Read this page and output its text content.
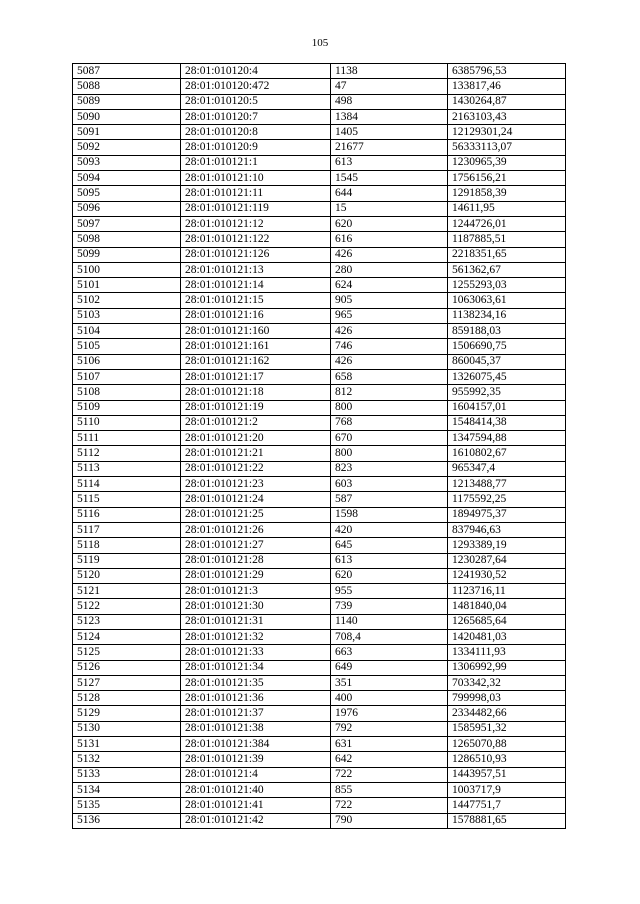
105
5087	28:01:010120:4	1138	6385796,53
5088	28:01:010120:472	47	133817,46
5089	28:01:010120:5	498	1430264,87
5090	28:01:010120:7	1384	2163103,43
5091	28:01:010120:8	1405	12129301,24
5092	28:01:010120:9	21677	56333113,07
5093	28:01:010121:1	613	1230965,39
5094	28:01:010121:10	1545	1756156,21
5095	28:01:010121:11	644	1291858,39
5096	28:01:010121:119	15	14611,95
5097	28:01:010121:12	620	1244726,01
5098	28:01:010121:122	616	1187885,51
5099	28:01:010121:126	426	2218351,65
5100	28:01:010121:13	280	561362,67
5101	28:01:010121:14	624	1255293,03
5102	28:01:010121:15	905	1063063,61
5103	28:01:010121:16	965	1138234,16
5104	28:01:010121:160	426	859188,03
5105	28:01:010121:161	746	1506690,75
5106	28:01:010121:162	426	860045,37
5107	28:01:010121:17	658	1326075,45
5108	28:01:010121:18	812	955992,35
5109	28:01:010121:19	800	1604157,01
5110	28:01:010121:2	768	1548414,38
5111	28:01:010121:20	670	1347594,88
5112	28:01:010121:21	800	1610802,67
5113	28:01:010121:22	823	965347,4
5114	28:01:010121:23	603	1213488,77
5115	28:01:010121:24	587	1175592,25
5116	28:01:010121:25	1598	1894975,37
5117	28:01:010121:26	420	837946,63
5118	28:01:010121:27	645	1293389,19
5119	28:01:010121:28	613	1230287,64
5120	28:01:010121:29	620	1241930,52
5121	28:01:010121:3	955	1123716,11
5122	28:01:010121:30	739	1481840,04
5123	28:01:010121:31	1140	1265685,64
5124	28:01:010121:32	708,4	1420481,03
5125	28:01:010121:33	663	1334111,93
5126	28:01:010121:34	649	1306992,99
5127	28:01:010121:35	351	703342,32
5128	28:01:010121:36	400	799998,03
5129	28:01:010121:37	1976	2334482,66
5130	28:01:010121:38	792	1585951,32
5131	28:01:010121:384	631	1265070,88
5132	28:01:010121:39	642	1286510,93
5133	28:01:010121:4	722	1443957,51
5134	28:01:010121:40	855	1003717,9
5135	28:01:010121:41	722	1447751,7
5136	28:01:010121:42	790	1578881,65
